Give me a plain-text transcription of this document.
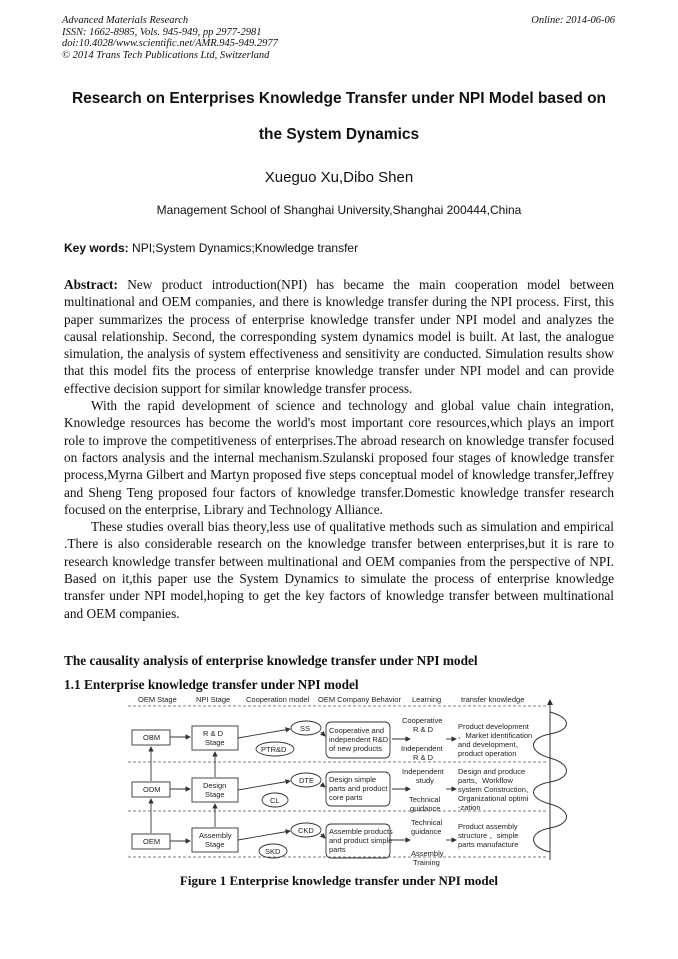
Advanced Materials Research
ISSN: 1662-8985, Vols. 945-949, pp 2977-2981
doi:10.4028/www.scientific.net/AMR.945-949.2977
© 2014 Trans Tech Publications Ltd, Switzerland
Online: 2014-06-06
Research on Enterprises Knowledge Transfer under NPI Model based on
the System Dynamics
Xueguo Xu,Dibo Shen
Management School of Shanghai University,Shanghai 200444,China
Key words: NPI;System Dynamics;Knowledge transfer

Abstract: New product introduction(NPI) has became the main cooperation model between multinational and OEM companies, and there is knowledge transfer during the NPI process. First, this paper summarizes the process of enterprise knowledge transfer under NPI model and analyzes the causal relationship. Second, the corresponding system dynamics model is built. At last, the analogue simulation, the analysis of system effectiveness and sensitivity are conducted. Simulation results show that this model fits the process of enterprise knowledge transfer under NPI model and can provide effective decision support for similar knowledge transfer process.

With the rapid development of science and technology and global value chain integration, Knowledge resources has become the world's most important core resources,which plays an import role to improve the competitiveness of enterprises.The abroad research on knowledge transfer focused on factors analysis and the internal mechanism.Szulanski proposed four stages of knowledge transfer process,Myrna Gilbert and Martyn proposed five steps conceptual model of knowledge transfer,Jeffrey and Sheng Teng proposed four factors of knowledge transfer.Domestic knowledge transfer research focused on the enterprise, Library and Technology Alliance.

These studies overall bias theory,less use of qualitative methods such as simulation and empirical .There is also considerable research on the knowledge transfer between enterprises,but it is rare to research knowledge transfer between multinational and OEM companies from the perspective of NPI. Based on it,this paper use the System Dynamics to simulate the process of enterprise knowledge transfer under NPI model,hoping to get the key factors of knowledge transfer between multinational and OEM companies.

The causality analysis of enterprise knowledge transfer under NPI model
1.1 Enterprise knowledge transfer under NPI model
OEM Stage	NPI Stage Cooperation model OEM Company Behavior Learning	transfer knowledge
OBM
ODM
OEM
R & D
Stage
Design
Stage
Assembly
Stage
SS
PTR&D
DTE
CL
CKD
SKD
Cooperative and
independent R&D
of new products
Design simple
parts and product
core parts
Assemble products
and product simple
parts
Cooperative
R & D
Independent
R & D
Independent
study
Technical
guidance
Technical
guidance
Assembly
Training
Product development
、Market identification
and development、
product operation
Design and produce
parts、Workflow
system Construction、
Organizational optimi
-zation
Product assembly
structure 、simple
parts manufacture
Figure 1 Enterprise knowledge transfer under NPI model
